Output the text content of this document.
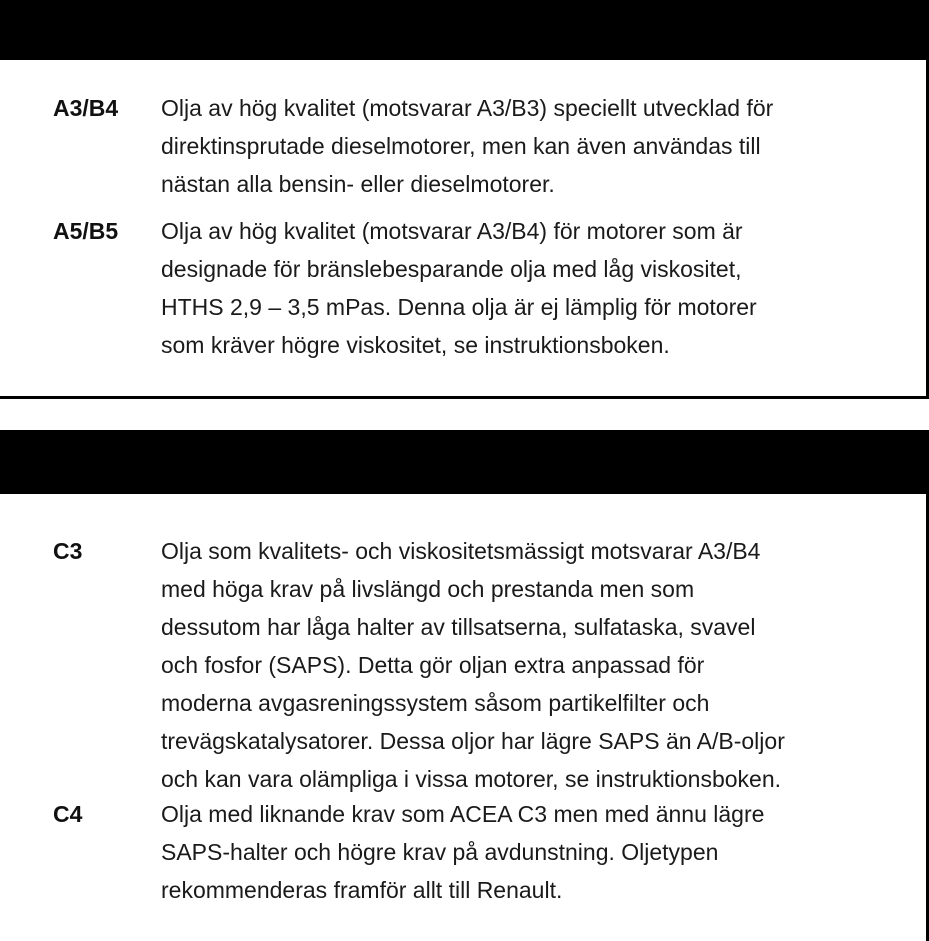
A3/B4 Olja av hög kvalitet (motsvarar A3/B3) speciellt utvecklad för
direktinsprutade dieselmotorer, men kan även användas till
nästan alla bensin- eller dieselmotorer.
A5/B5 Olja av hög kvalitet (motsvarar A3/B4) för motorer som är
designade för bränslebesparande olja med låg viskositet,
HTHS 2,9 – 3,5 mPas. Denna olja är ej lämplig för motorer
som kräver högre viskositet, se instruktionsboken.
C3	Olja som kvalitets- och viskositetsmässigt motsvarar A3/B4
med höga krav på livslängd och prestanda men som
dessutom har låga halter av tillsatserna, sulfataska, svavel
och fosfor (SAPS). Detta gör oljan extra anpassad för
moderna avgasreningssystem såsom partikelfilter och
trevägskatalysatorer. Dessa oljor har lägre SAPS än A/B-oljor
och kan vara olämpliga i vissa motorer, se instruktionsboken.
C4	Olja med liknande krav som ACEA C3 men med ännu lägre
SAPS-halter och högre krav på avdunstning. Oljetypen
rekommenderas framför allt till Renault.
